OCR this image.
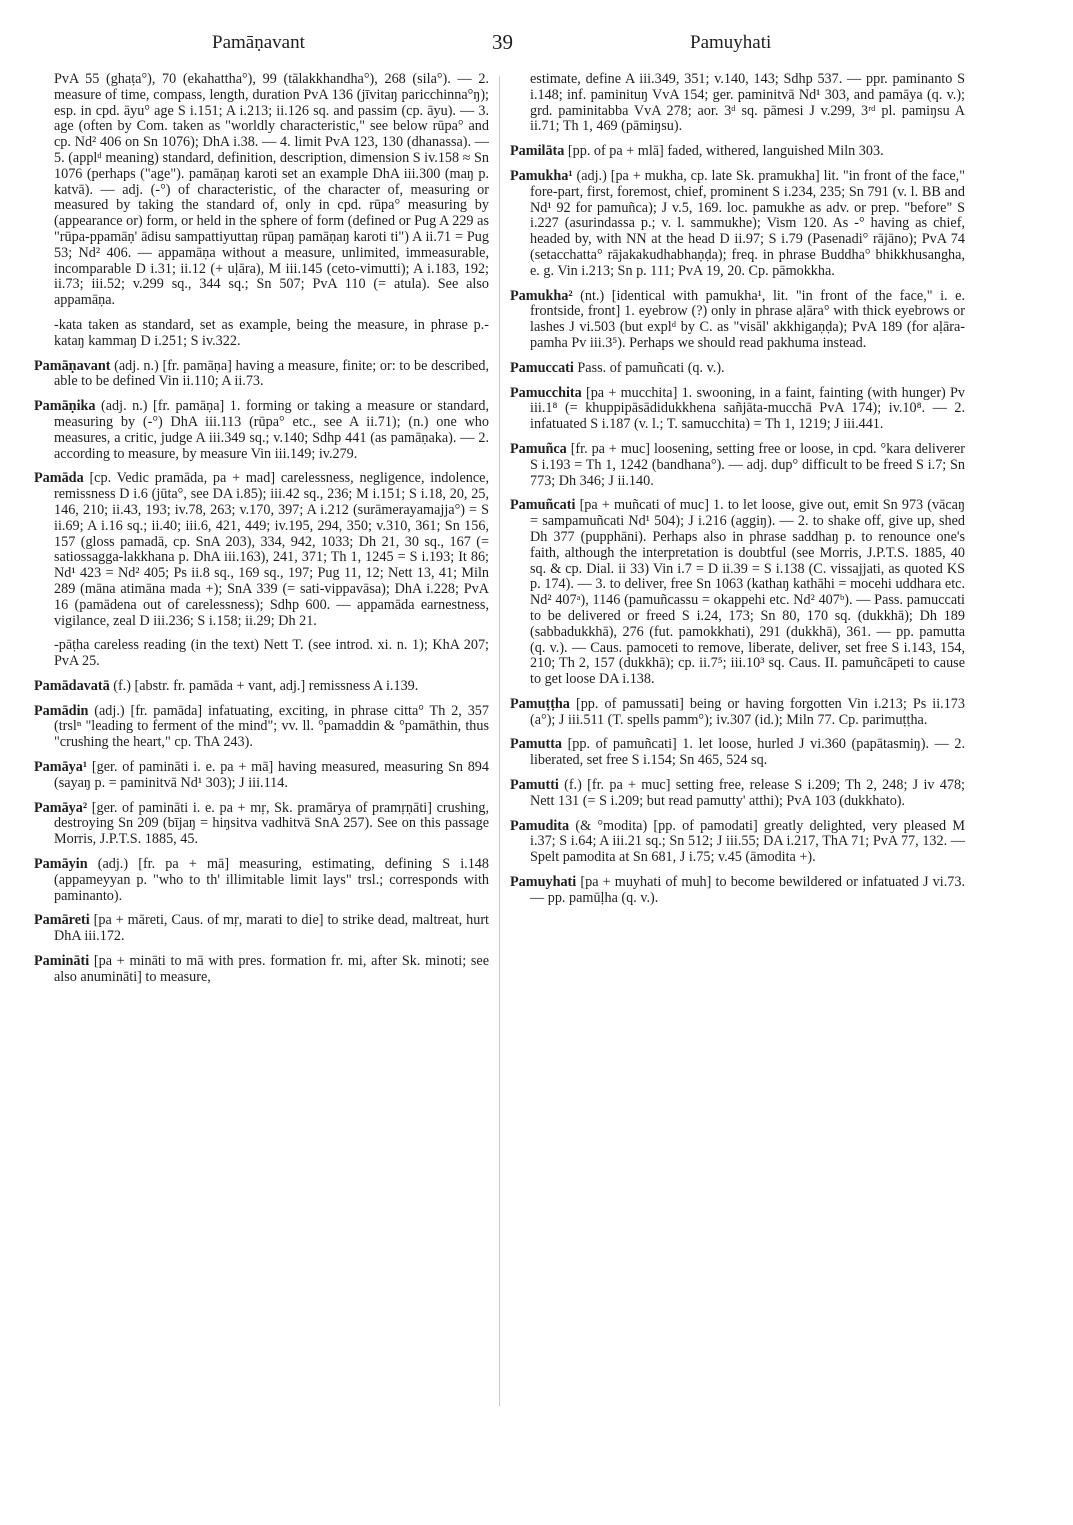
Pamāṇavant	39	Pamuyhati

PvA 55 (ghaṭa°), 70 (ekahattha°), 99 (tālakkhandha°), 268 (sila°). — 2. measure of time, compass, length, duration PvA 136 (jīvitaŋ paricchinna°ŋ); esp. in cpd. āyu° age S i.151; A i.213; ii.126 sq. and passim (cp. āyu). — 3. age (often by Com. taken as "worldly characteristic," see below rūpa° and cp. Nd² 406 on Sn 1076); DhA i.38. — 4. limit PvA 123, 130 (dhanassa). — 5. (applᵈ meaning) standard, definition, description, dimension S iv.158 ≈ Sn 1076 (perhaps ("age"). pamāṇaŋ karoti set an example DhA iii.300 (maŋ p. katvā). — adj. (-°) of characteristic, of the character of, measuring or measured by taking the standard of, only in cpd. rūpa° measuring by (appearance or) form, or held in the sphere of form (defined or Pug A 229 as "rūpa-ppamāṇ' ādisu sampattiyuttaŋ rūpaŋ pamāṇaŋ karoti ti") A ii.71 = Pug 53; Nd² 406. — appamāṇa without a measure, unlimited, immeasurable, incomparable D i.31; ii.12 (+ uḷāra), M iii.145 (ceto-vimutti); A i.183, 192; ii.73; iii.52; v.299 sq., 344 sq.; Sn 507; PvA 110 (= atula). See also appamāṇa.

-kata taken as standard, set as example, being the measure, in phrase p.-kataŋ kammaŋ D i.251; S iv.322.

Pamāṇavant (adj. n.) [fr. pamāṇa] having a measure, finite; or: to be described, able to be defined Vin ii.110; A ii.73.

Pamāṇika (adj. n.) [fr. pamāṇa] 1. forming or taking a measure or standard, measuring by (-°) DhA iii.113 (rūpa° etc., see A ii.71); (n.) one who measures, a critic, judge A iii.349 sq.; v.140; Sdhp 441 (as pamāṇaka). — 2. according to measure, by measure Vin iii.149; iv.279.

Pamāda [cp. Vedic pramāda, pa + mad] carelessness, negligence, indolence, remissness D i.6 (jūta°, see DA i.85); iii.42 sq., 236; M i.151; S i.18, 20, 25, 146, 210; ii.43, 193; iv.78, 263; v.170, 397; A i.212 (surāmerayamajja°) = S ii.69; A i.16 sq.; ii.40; iii.6, 421, 449; iv.195, 294, 350; v.310, 361; Sn 156, 157 (gloss pamadā, cp. SnA 203), 334, 942, 1033; Dh 21, 30 sq., 167 (= satiossagga-lakkhana p. DhA iii.163), 241, 371; Th 1, 1245 = S i.193; It 86; Nd¹ 423 = Nd² 405; Ps ii.8 sq., 169 sq., 197; Pug 11, 12; Nett 13, 41; Miln 289 (māna atimāna mada +); SnA 339 (= sati-vippavāsa); DhA i.228; PvA 16 (pamādena out of carelessness); Sdhp 600. — appamāda earnestness, vigilance, zeal D iii.236; S i.158; ii.29; Dh 21.

-pāṭha careless reading (in the text) Nett T. (see introd. xi. n. 1); KhA 207; PvA 25.

Pamādavatā (f.) [abstr. fr. pamāda + vant, adj.] remissness A i.139.

Pamādin (adj.) [fr. pamāda] infatuating, exciting, in phrase citta° Th 2, 357 (trslⁿ "leading to ferment of the mind"; vv. ll. °pamaddin & °pamāthin, thus "crushing the heart," cp. ThA 243).

Pamāya¹ [ger. of pamināti i. e. pa + mā] having measured, measuring Sn 894 (sayaŋ p. = paminitvā Nd¹ 303); J iii.114.

Pamāya² [ger. of pamināti i. e. pa + mṛ, Sk. pramārya of pramṛṇāti] crushing, destroying Sn 209 (bījaŋ = hiŋsitva vadhitvā SnA 257). See on this passage Morris, J.P.T.S. 1885, 45.

Pamāyin (adj.) [fr. pa + mā] measuring, estimating, defining S i.148 (appameyyan p. "who to th' illimitable limit lays" trsl.; corresponds with paminanto).

Pamāreti [pa + māreti, Caus. of mṛ, marati to die] to strike dead, maltreat, hurt DhA iii.172.

Pamināti [pa + mināti to mā with pres. formation fr. mi, after Sk. minoti; see also anumināti] to measure,

estimate, define A iii.349, 351; v.140, 143; Sdhp 537. — ppr. paminanto S i.148; inf. paminituŋ VvA 154; ger. paminitvā Nd¹ 303, and pamāya (q. v.); grd. paminitabba VvA 278; aor. 3ᵈ sq. pāmesi J v.299, 3ʳᵈ pl. pamiŋsu A ii.71; Th 1, 469 (pāmiŋsu).

Pamilāta [pp. of pa + mlā] faded, withered, languished Miln 303.

Pamukha¹ (adj.) [pa + mukha, cp. late Sk. pramukha] lit. "in front of the face," fore-part, first, foremost, chief, prominent S i.234, 235; Sn 791 (v. l. BB and Nd¹ 92 for pamuñca); J v.5, 169. loc. pamukhe as adv. or prep. "before" S i.227 (asurindassa p.; v. l. sammukhe); Vism 120. As -° having as chief, headed by, with NN at the head D ii.97; S i.79 (Pasenadi° rājāno); PvA 74 (setacchatta° rājakakudhabhaṇḍa); freq. in phrase Buddha° bhikkhusangha, e. g. Vin i.213; Sn p. 111; PvA 19, 20. Cp. pāmokkha.

Pamukha² (nt.) [identical with pamukha¹, lit. "in front of the face," i. e. frontside, front] 1. eyebrow (?) only in phrase aḷāra° with thick eyebrows or lashes J vi.503 (but explᵈ by C. as "visāl' akkhigaṇḍa); PvA 189 (for aḷāra-pamha Pv iii.3⁵). Perhaps we should read pakhuma instead.

Pamuccati Pass. of pamuñcati (q. v.).

Pamucchita [pa + mucchita] 1. swooning, in a faint, fainting (with hunger) Pv iii.1⁸ (= khuppipāsādidukkhena sañjāta-mucchā PvA 174); iv.10⁸. — 2. infatuated S i.187 (v. l.; T. samucchita) = Th 1, 1219; J iii.441.

Pamuñca [fr. pa + muc] loosening, setting free or loose, in cpd. °kara deliverer S i.193 = Th 1, 1242 (bandhana°). — adj. dup° difficult to be freed S i.7; Sn 773; Dh 346; J ii.140.

Pamuñcati [pa + muñcati of muc] 1. to let loose, give out, emit Sn 973 (vācaŋ = sampamuñcati Nd¹ 504); J i.216 (aggiŋ). — 2. to shake off, give up, shed Dh 377 (pupphāni). Perhaps also in phrase saddhaŋ p. to renounce one's faith, although the interpretation is doubtful (see Morris, J.P.T.S. 1885, 40 sq. & cp. Dial. ii 33) Vin i.7 = D ii.39 = S i.138 (C. vissajjati, as quoted KS p. 174). — 3. to deliver, free Sn 1063 (kathaŋ kathāhi = mocehi uddhara etc. Nd² 407ᵃ), 1146 (pamuñcassu = okappehi etc. Nd² 407ᵇ). — Pass. pamuccati to be delivered or freed S i.24, 173; Sn 80, 170 sq. (dukkhā); Dh 189 (sabbadukkhā), 276 (fut. pamokkhati), 291 (dukkhā), 361. — pp. pamutta (q. v.). — Caus. pamoceti to remove, liberate, deliver, set free S i.143, 154, 210; Th 2, 157 (dukkhā); cp. ii.7⁵; iii.10³ sq. Caus. II. pamuñcāpeti to cause to get loose DA i.138.

Pamuṭṭha [pp. of pamussati] being or having forgotten Vin i.213; Ps ii.173 (a°); J iii.511 (T. spells pamm°); iv.307 (id.); Miln 77. Cp. parimuṭṭha.

Pamutta [pp. of pamuñcati] 1. let loose, hurled J vi.360 (papātasmiŋ). — 2. liberated, set free S i.154; Sn 465, 524 sq.

Pamutti (f.) [fr. pa + muc] setting free, release S i.209; Th 2, 248; J iv 478; Nett 131 (= S i.209; but read pamutty' atthi); PvA 103 (dukkhato).

Pamudita (& °modita) [pp. of pamodati] greatly delighted, very pleased M i.37; S i.64; A iii.21 sq.; Sn 512; J iii.55; DA i.217, ThA 71; PvA 77, 132. — Spelt pamodita at Sn 681, J i.75; v.45 (āmodita +).

Pamuyhati [pa + muyhati of muh] to become bewildered or infatuated J vi.73. — pp. pamūḷha (q. v.).
